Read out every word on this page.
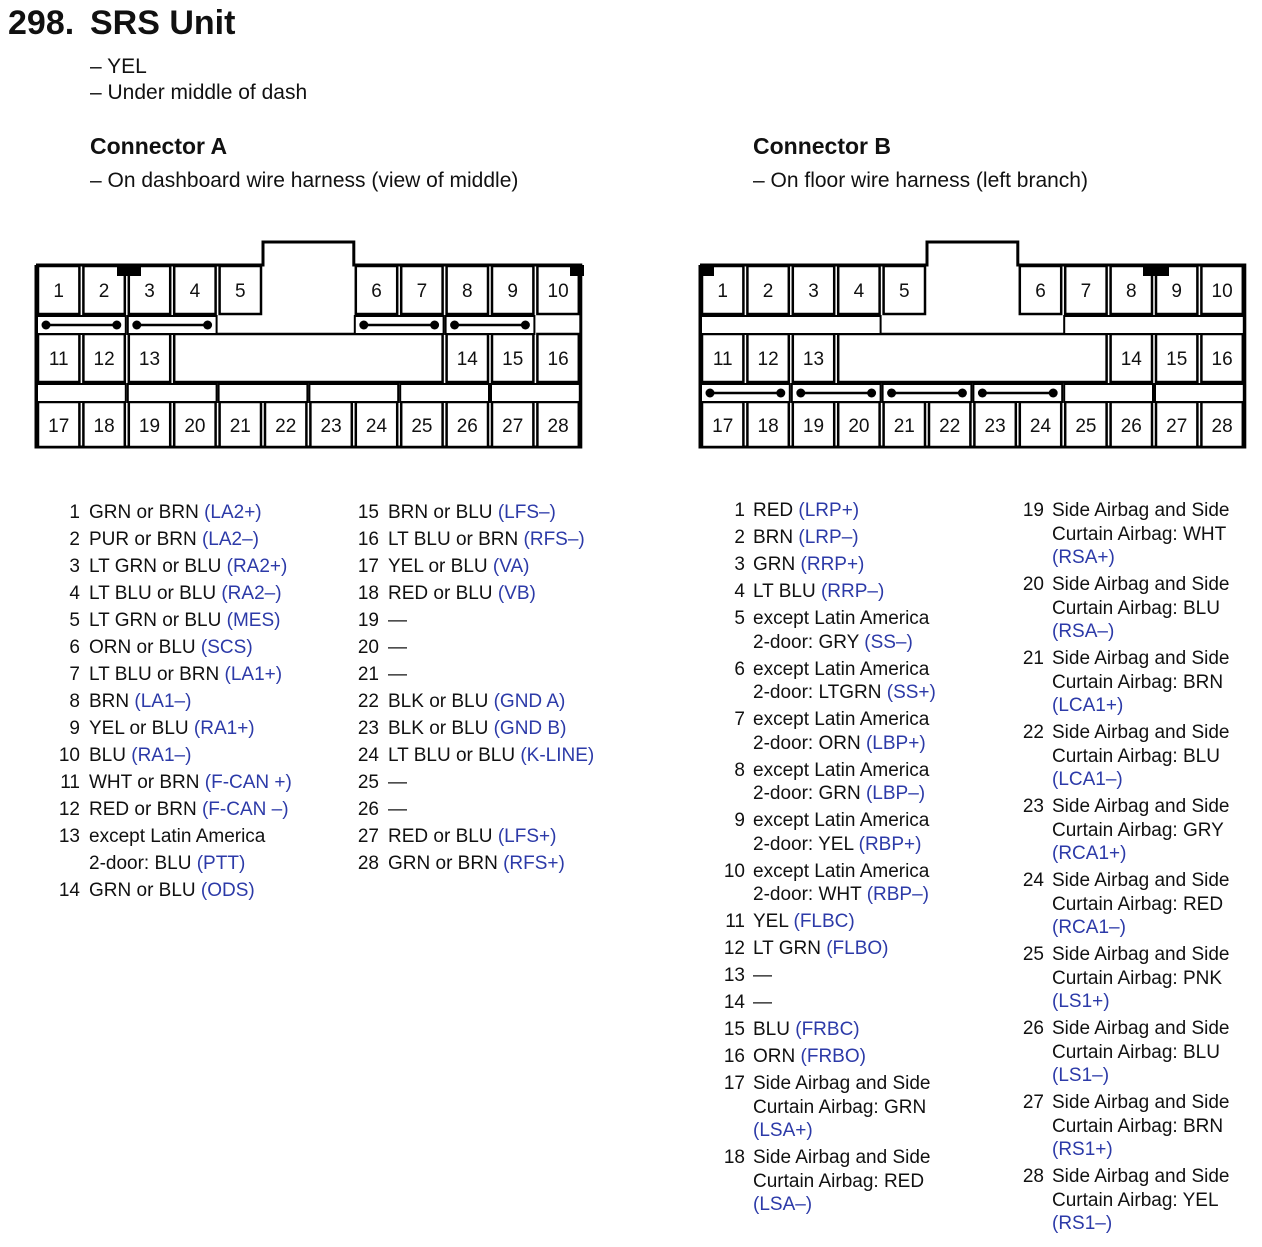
298. SRS Unit
– YEL
– Under middle of dash
Connector A
– On dashboard wire harness (view of middle)
Connector B
– On floor wire harness (left branch)
1 2 3 4 5	6 7 8 9 10
11 12 13	14 15 16
17 18 19 20 21 22 23 24 25 26 27 28
1 2 3 4 5	6 7 8 9 10
11 12 13	14 15 16
17 18 19 20 21 22 23 24 25 26 27 28
1 GRN or BRN (LA2+)
2 PUR or BRN (LA2–)
3 LT GRN or BLU (RA2+)
4 LT BLU or BLU (RA2–)
5 LT GRN or BLU (MES)
6 ORN or BLU (SCS)
7 LT BLU or BRN (LA1+)
8 BRN (LA1–)
9 YEL or BLU (RA1+)
10 BLU (RA1–)
11 WHT or BRN (F-CAN +)
12 RED or BRN (F-CAN –)
13 except Latin America
2-door: BLU (PTT)
14 GRN or BLU (ODS)
15 BRN or BLU (LFS–)
16 LT BLU or BRN (RFS–)
17 YEL or BLU (VA)
18 RED or BLU (VB)
19 —
20 —
21 —
22 BLK or BLU (GND A)
23 BLK or BLU (GND B)
24 LT BLU or BLU (K-LINE)
25 —
26 —
27 RED or BLU (LFS+)
28 GRN or BRN (RFS+)
1 RED (LRP+)
2 BRN (LRP–)
3 GRN (RRP+)
4 LT BLU (RRP–)
5 except Latin America
2-door: GRY (SS–)
6 except Latin America
2-door: LTGRN (SS+)
7 except Latin America
2-door: ORN (LBP+)
8 except Latin America
2-door: GRN (LBP–)
9 except Latin America
2-door: YEL (RBP+)
10 except Latin America
2-door: WHT (RBP–)
11 YEL (FLBC)
12 LT GRN (FLBO)
13 —
14 —
15 BLU (FRBC)
16 ORN (FRBO)
17 Side Airbag and Side Curtain Airbag: GRN (LSA+)
18 Side Airbag and Side Curtain Airbag: RED (LSA–)
19 Side Airbag and Side Curtain Airbag: WHT (RSA+)
20 Side Airbag and Side Curtain Airbag: BLU (RSA–)
21 Side Airbag and Side Curtain Airbag: BRN (LCA1+)
22 Side Airbag and Side Curtain Airbag: BLU (LCA1–)
23 Side Airbag and Side Curtain Airbag: GRY (RCA1+)
24 Side Airbag and Side Curtain Airbag: RED (RCA1–)
25 Side Airbag and Side Curtain Airbag: PNK (LS1+)
26 Side Airbag and Side Curtain Airbag: BLU (LS1–)
27 Side Airbag and Side Curtain Airbag: BRN (RS1+)
28 Side Airbag and Side Curtain Airbag: YEL (RS1–)
